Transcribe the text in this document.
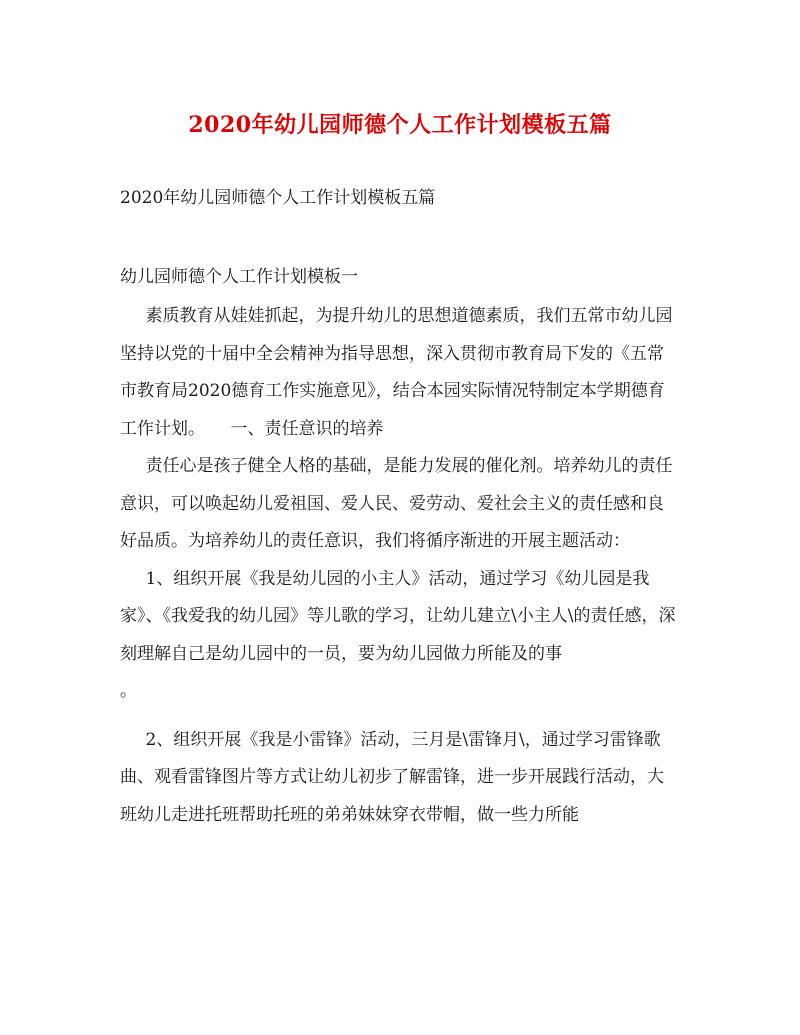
2020年幼儿园师德个人工作计划模板五篇
2020年幼儿园师德个人工作计划模板五篇
幼儿园师德个人工作计划模板一

素质教育从娃娃抓起，为提升幼儿的思想道德素质，我们五常市幼儿园坚持以党的十届中全会精神为指导思想，深入贯彻市教育局下发的《五常市教育局2020德育工作实施意见》，结合本园实际情况特制定本学期德育工作计划。　　一、责任意识的培养

责任心是孩子健全人格的基础，是能力发展的催化剂。培养幼儿的责任意识，可以唤起幼儿爱祖国、爱人民、爱劳动、爱社会主义的责任感和良好品质。为培养幼儿的责任意识，我们将循序渐进的开展主题活动：

1、组织开展《我是幼儿园的小主人》活动，通过学习《幼儿园是我家》、《我爱我的幼儿园》等儿歌的学习，让幼儿建立\小主人\的责任感，深刻理解自己是幼儿园中的一员，要为幼儿园做力所能及的事

。

2、组织开展《我是小雷锋》活动，三月是\雷锋月\，通过学习雷锋歌曲、观看雷锋图片等方式让幼儿初步了解雷锋，进一步开展践行活动，大班幼儿走进托班帮助托班的弟弟妹妹穿衣带帽，做一些力所能
